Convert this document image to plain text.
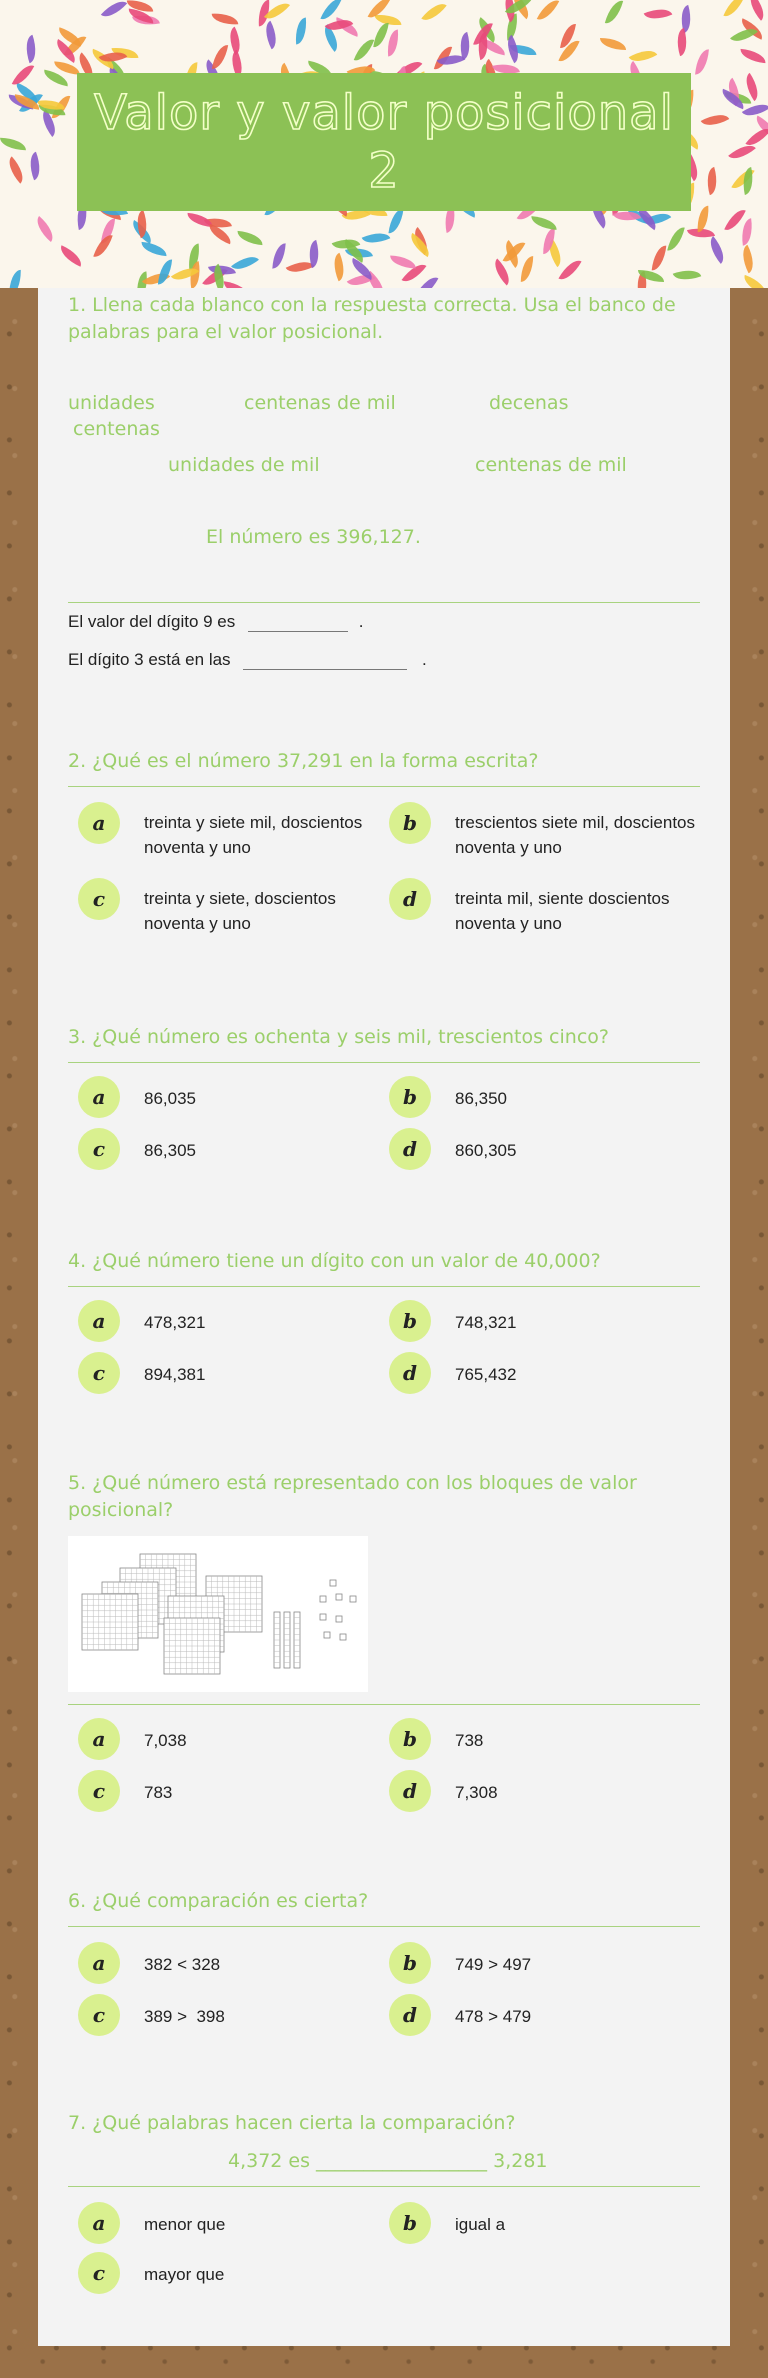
Valor y valor posicional 2
1. Llena cada blanco con la respuesta correcta. Usa el banco de palabras para el valor posicional.
unidades	centenas de mil	decenas
centenas
unidades de mil	centenas de mil
El número es 396,127.
El valor del dígito 9 es	.
El dígito 3 está en las	.
2. ¿Qué es el número 37,291 en la forma escrita?
a	treinta y siete mil, doscientos noventa y uno
b	trescientos siete mil, doscientos noventa y uno
c	treinta y siete, doscientos noventa y uno
d	treinta mil, siente doscientos noventa y uno
3. ¿Qué número es ochenta y seis mil, trescientos cinco?
a	86,035	b	86,350
c	86,305	d	860,305
4. ¿Qué número tiene un dígito con un valor de 40,000?
a	478,321	b	748,321
c	894,381	d	765,432
5. ¿Qué número está representado con los bloques de valor posicional?
a	7,038	b	738
c	783	d	7,308
6. ¿Qué comparación es cierta?
a	382 < 328	b	749 > 497
c	389 >  398	d	478 > 479
7. ¿Qué palabras hacen cierta la comparación?
4,372 es __________________ 3,281
a	menor que	b	igual a
c	mayor que
